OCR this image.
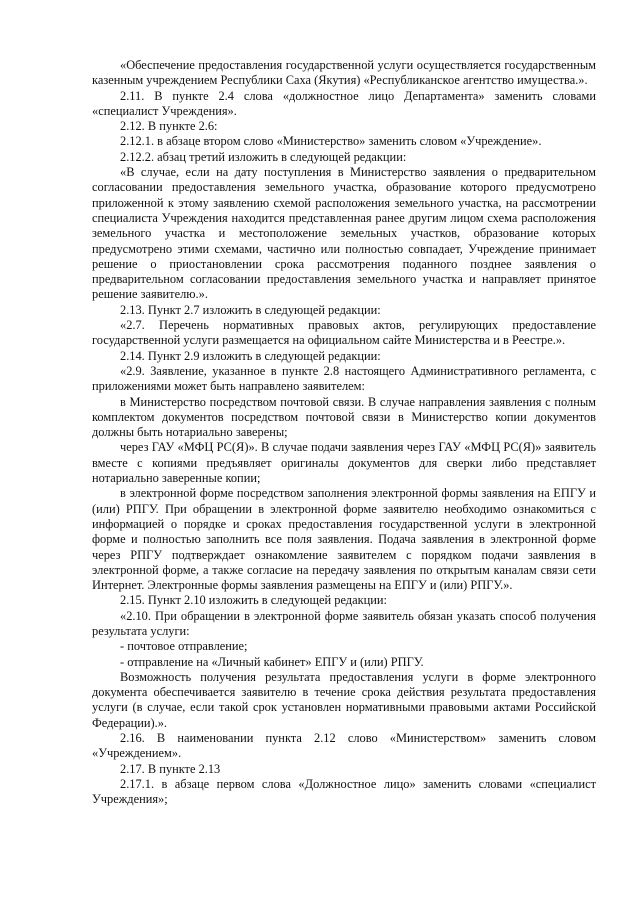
«Обеспечение предоставления государственной услуги осуществляется государственным казенным учреждением Республики Саха (Якутия) «Республиканское агентство имущества.».

2.11. В пункте 2.4 слова «должностное лицо Департамента» заменить словами «специалист Учреждения».

2.12. В пункте 2.6:

2.12.1. в абзаце втором слово «Министерство» заменить словом «Учреждение».

2.12.2. абзац третий изложить в следующей редакции:

«В случае, если на дату поступления в Министерство заявления о предварительном согласовании предоставления земельного участка, образование которого предусмотрено приложенной к этому заявлению схемой расположения земельного участка, на рассмотрении специалиста Учреждения находится представленная ранее другим лицом схема расположения земельного участка и местоположение земельных участков, образование которых предусмотрено этими схемами, частично или полностью совпадает, Учреждение принимает решение о приостановлении срока рассмотрения поданного позднее заявления о предварительном согласовании предоставления земельного участка и направляет принятое решение заявителю.».

2.13. Пункт 2.7 изложить в следующей редакции:

«2.7. Перечень нормативных правовых актов, регулирующих предоставление государственной услуги размещается на официальном сайте Министерства и в Реестре.».

2.14. Пункт 2.9 изложить в следующей редакции:

«2.9. Заявление, указанное в пункте 2.8 настоящего Административного регламента, с приложениями может быть направлено заявителем:

в Министерство посредством почтовой связи. В случае направления заявления с полным комплектом документов посредством почтовой связи в Министерство копии документов должны быть нотариально заверены;

через ГАУ «МФЦ РС(Я)». В случае подачи заявления через ГАУ «МФЦ РС(Я)» заявитель вместе с копиями предъявляет оригиналы документов для сверки либо представляет нотариально заверенные копии;

в электронной форме посредством заполнения электронной формы заявления на ЕПГУ и (или) РПГУ. При обращении в электронной форме заявителю необходимо ознакомиться с информацией о порядке и сроках предоставления государственной услуги в электронной форме и полностью заполнить все поля заявления. Подача заявления в электронной форме через РПГУ подтверждает ознакомление заявителем с порядком подачи заявления в электронной форме, а также согласие на передачу заявления по открытым каналам связи сети Интернет. Электронные формы заявления размещены на ЕПГУ и (или) РПГУ.».

2.15. Пункт 2.10 изложить в следующей редакции:

«2.10. При обращении в электронной форме заявитель обязан указать способ получения результата услуги:

- почтовое отправление;

- отправление на «Личный кабинет» ЕПГУ и (или) РПГУ.

Возможность получения результата предоставления услуги в форме электронного документа обеспечивается заявителю в течение срока действия результата предоставления услуги (в случае, если такой срок установлен нормативными правовыми актами Российской Федерации).».

2.16. В наименовании пункта 2.12 слово «Министерством» заменить словом «Учреждением».

2.17. В пункте 2.13

2.17.1. в абзаце первом слова «Должностное лицо» заменить словами «специалист Учреждения»;
